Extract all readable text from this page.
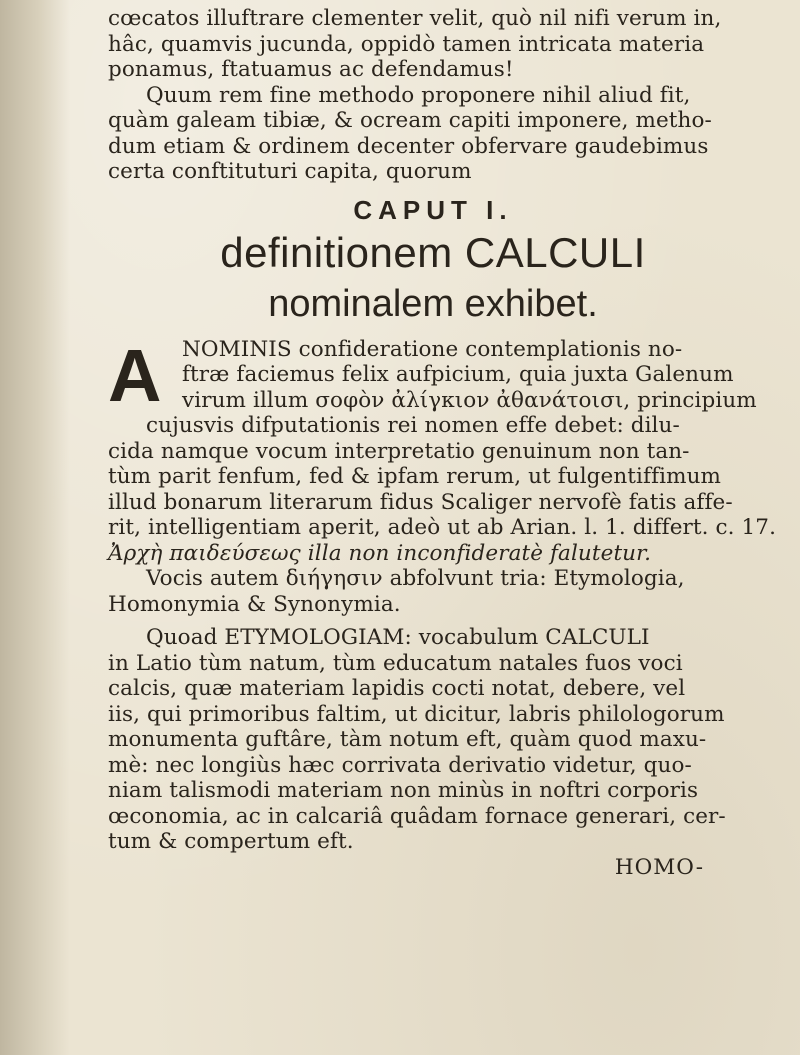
cœcatos illuftrare clementer velit, quò nil nifi verum in,
hâc, quamvis jucunda, oppidò tamen intricata materia
ponamus, ftatuamus ac defendamus!
Quum rem fine methodo proponere nihil aliud fit,
quàm galeam tibiæ, & ocream capiti imponere, metho-
dum etiam & ordinem decenter obfervare gaudebimus
certa conftituturi capita, quorum
CAPUT I.
definitionem CALCULI
nominalem exhibet.
A NOMINIS confideratione contemplationis no-
ftræ faciemus felix aufpicium, quia juxta Galenum
virum illum σοφὸν ἀλίγκιον ἀθανάτοισι, principium
cujusvis difputationis rei nomen effe debet: dilu-
cida namque vocum interpretatio genuinum non tan-
tùm parit fenfum, fed & ipfam rerum, ut fulgentiffimum
illud bonarum literarum fidus Scaliger nervofè fatis affe-
rit, intelligentiam aperit, adeò ut ab Arian. l. 1. differt. c. 17.
Ἀρχὴ παιδεύσεως illa non inconfideratè falutetur.
Vocis autem διήγησιν abfolvunt tria: Etymologia,
Homonymia & Synonymia.
Quoad ETYMOLOGIAM: vocabulum CALCULI
in Latio tùm natum, tùm educatum natales fuos voci
calcis, quæ materiam lapidis cocti notat, debere, vel
iis, qui primoribus faltim, ut dicitur, labris philologorum
monumenta guftâre, tàm notum eft, quàm quod maxu-
mè: nec longiùs hæc corrivata derivatio videtur, quo-
niam talismodi materiam non minùs in noftri corporis
œconomia, ac in calcariâ quâdam fornace generari, cer-
tum & compertum eft.
HOMO-
